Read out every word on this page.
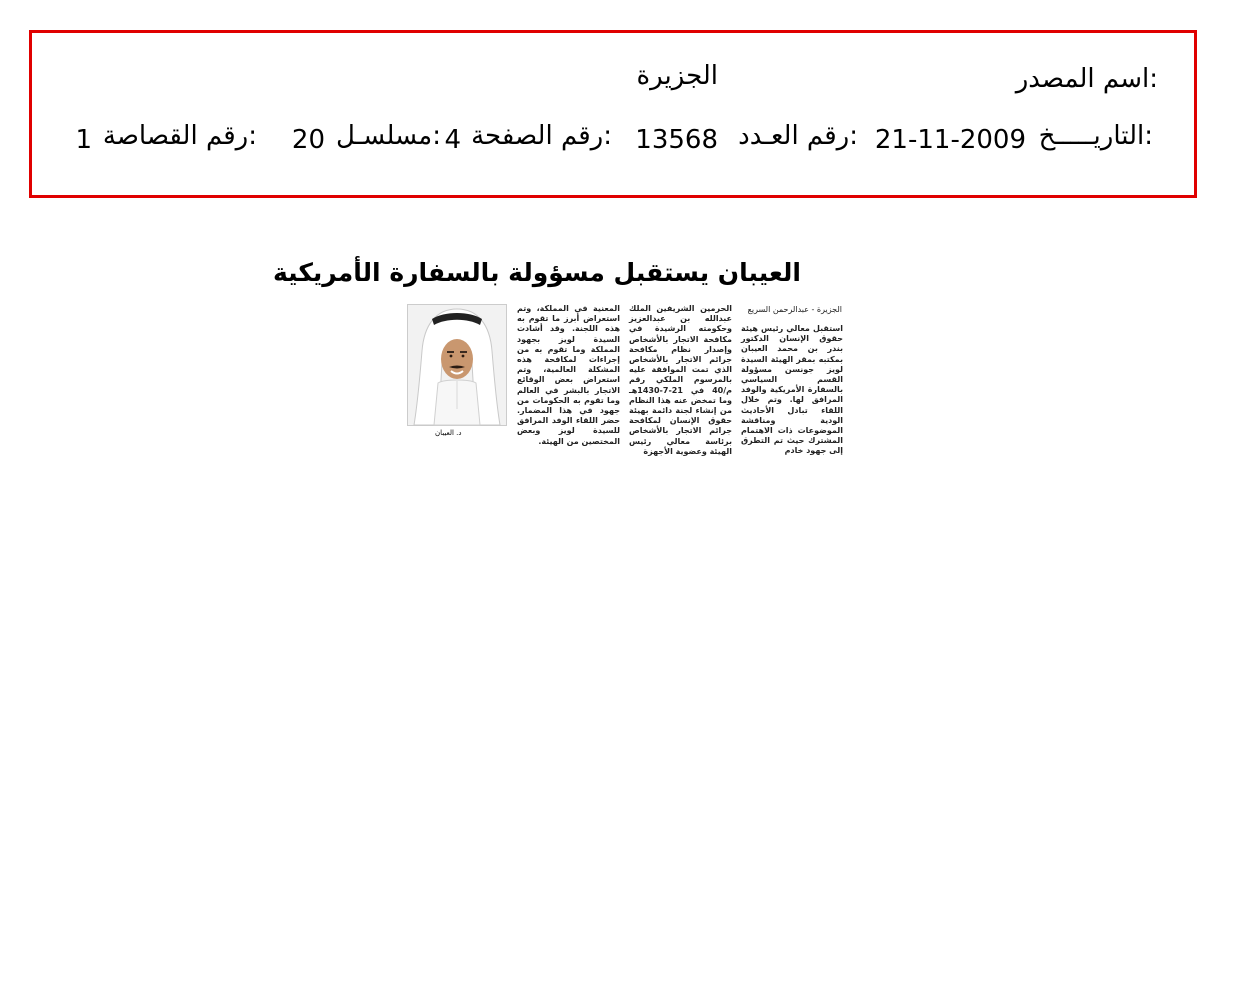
اسم المصدر:
الجزيرة
التاريـــــخ:
21-11-2009
رقم العـدد:
13568
رقم الصفحة:
4
مسلسـل:
20
رقم القصاصة:
1
العيبان يستقبل مسؤولة بالسفارة الأمريكية
الجزيرة - عبدالرحمن السريع
استقبل معالي رئيس هيئة حقوق الإنسان الدكتور بندر بن محمد العيبان بمكتبه بمقر الهيئة السيدة لويز جونسن مسؤولة القسم السياسي بالسفارة الأمريكية والوفد المرافق لها. وتم خلال اللقاء تبادل الأحاديث الودية ومناقشة الموضوعات ذات الاهتمام المشترك حيث تم التطرق إلى جهود خادم
الحرمين الشريفين الملك عبدالله بن عبدالعزيز وحكومته الرشيدة في مكافحة الاتجار بالأشخاص وإصدار نظام مكافحة جرائم الاتجار بالأشخاص الذي تمت الموافقة عليه بالمرسوم الملكي رقم م/40 في 21-7-1430هـ وما تمخض عنه هذا النظام من إنشاء لجنة دائمة بهيئة حقوق الإنسان لمكافحة جرائم الاتجار بالأشخاص برئاسة معالي رئيس الهيئة وعضوية الأجهزة
المعنية في المملكة، وتم استعراض أبرز ما تقوم به هذه اللجنة. وقد أشادت السيدة لويز بجهود المملكة وما تقوم به من إجراءات لمكافحة هذه المشكلة العالمية، وتم استعراض بعض الوقائع الاتجار بالبشر في العالم وما تقوم به الحكومات من جهود في هذا المضمار. حضر اللقاء الوفد المرافق للسيدة لويز وبعض المختصين من الهيئة.
د. العيبان
